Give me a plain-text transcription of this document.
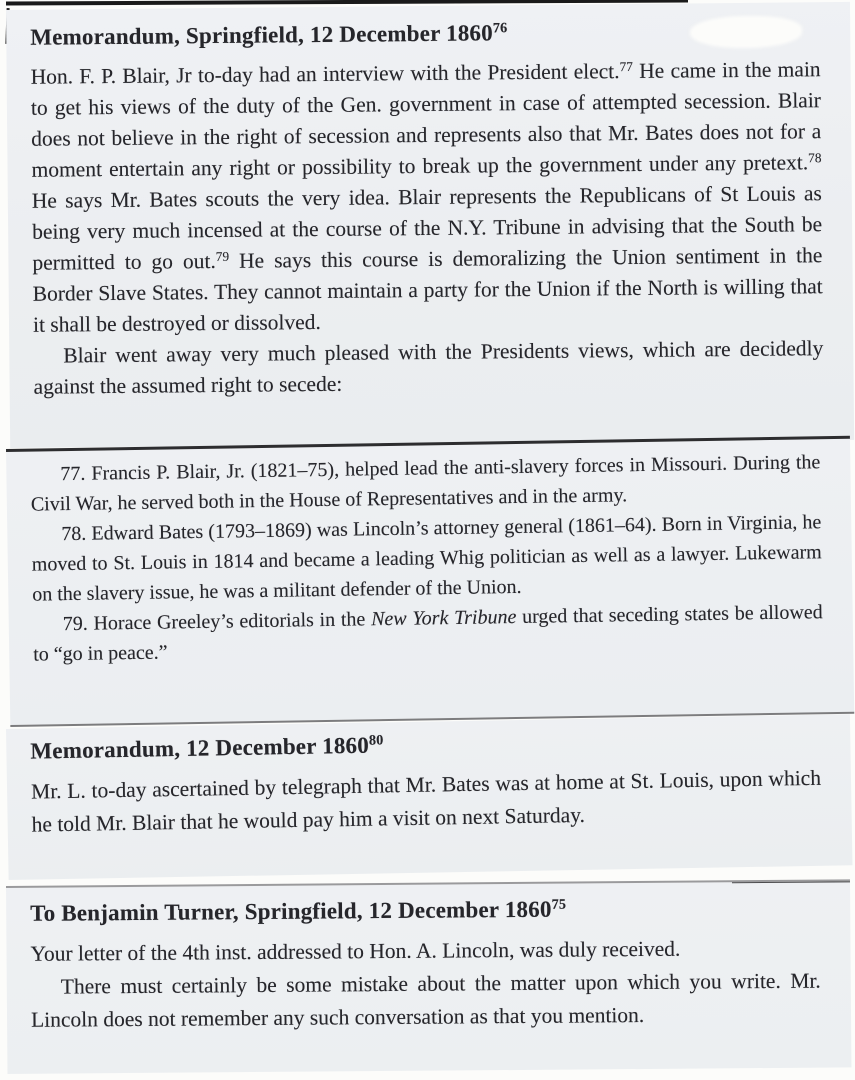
Memorandum, Springfield, 12 December 1860$^{76}$

Hon. F. P. Blair, Jr to-day had an interview with the President elect.$^{77}$ He came in the main to get his views of the duty of the Gen. government in case of attempted secession. Blair does not believe in the right of secession and represents also that Mr. Bates does not for a moment entertain any right or possibility to break up the government under any pretext.$^{78}$ He says Mr. Bates scouts the very idea. Blair represents the Republicans of St Louis as being very much incensed at the course of the N.Y. Tribune in advising that the South be permitted to go out.$^{79}$ He says this course is demoralizing the Union sentiment in the Border Slave States. They cannot maintain a party for the Union if the North is willing that it shall be destroyed or dissolved.

Blair went away very much pleased with the Presidents views, which are decidedly against the assumed right to secede:

77. Francis P. Blair, Jr. (1821–75), helped lead the anti-slavery forces in Missouri. During the Civil War, he served both in the House of Representatives and in the army.

78. Edward Bates (1793–1869) was Lincoln’s attorney general (1861–64). Born in Virginia, he moved to St. Louis in 1814 and became a leading Whig politician as well as a lawyer. Lukewarm on the slavery issue, he was a militant defender of the Union.

79. Horace Greeley’s editorials in the New York Tribune urged that seceding states be allowed to “go in peace.”

Memorandum, 12 December 1860$^{80}$

Mr. L. to-day ascertained by telegraph that Mr. Bates was at home at St. Louis, upon which he told Mr. Blair that he would pay him a visit on next Saturday.

To Benjamin Turner, Springfield, 12 December 1860$^{75}$

Your letter of the 4th inst. addressed to Hon. A. Lincoln, was duly received.

There must certainly be some mistake about the matter upon which you write. Mr. Lincoln does not remember any such conversation as that you mention.
